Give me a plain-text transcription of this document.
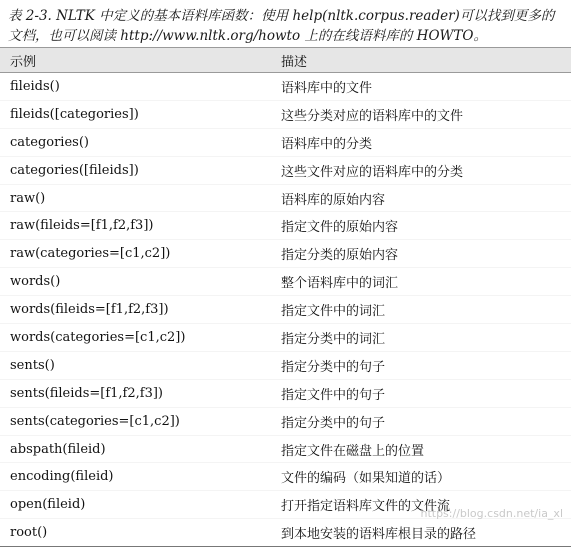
表 2-3. NLTK 中定义的基本语料库函数：使用 help(nltk.corpus.reader)可以找到更多的文档，也可以阅读 http://www.nltk.org/howto 上的在线语料库的 HOWTO。
示例	描述
fileids()	语料库中的文件
fileids([categories])	这些分类对应的语料库中的文件
categories()	语料库中的分类
categories([fileids])	这些文件对应的语料库中的分类
raw()	语料库的原始内容
raw(fileids=[f1,f2,f3])	指定文件的原始内容
raw(categories=[c1,c2])	指定分类的原始内容
words()	整个语料库中的词汇
words(fileids=[f1,f2,f3])	指定文件中的词汇
words(categories=[c1,c2])	指定分类中的词汇
sents()	指定分类中的句子
sents(fileids=[f1,f2,f3])	指定文件中的句子
sents(categories=[c1,c2])	指定分类中的句子
abspath(fileid)	指定文件在磁盘上的位置
encoding(fileid)	文件的编码（如果知道的话）
open(fileid)	打开指定语料库文件的文件流
root()	到本地安装的语料库根目录的路径
https://blog.csdn.net/ia_xl
